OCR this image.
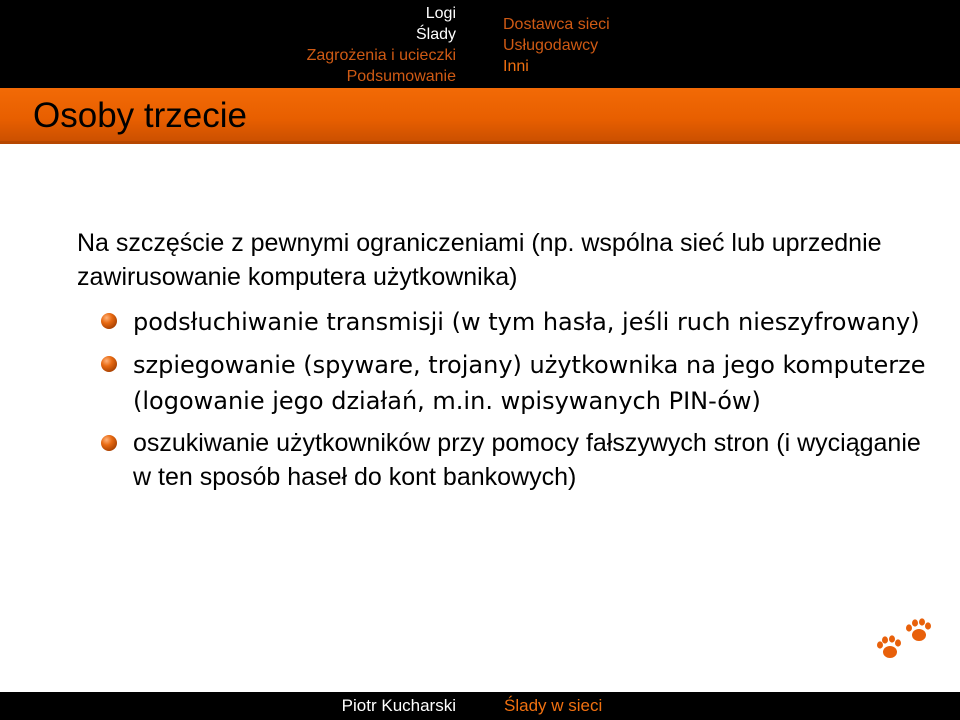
Logi
Ślady
Zagrożenia i ucieczki
Podsumowanie
Dostawca sieci
Usługodawcy
Inni
Osoby trzecie

Na szczęście z pewnymi ograniczeniami (np. wspólna sieć lub uprzednie zawirusowanie komputera użytkownika)

podsłuchiwanie transmisji (w tym hasła, jeśli ruch nieszyfrowany)
szpiegowanie (spyware, trojany) użytkownika na jego komputerze (logowanie jego działań, m.in. wpisywanych PIN-ów)
oszukiwanie użytkowników przy pomocy fałszywych stron (i wyciąganie w ten sposób haseł do kont bankowych)
Piotr Kucharski	Ślady w sieci
